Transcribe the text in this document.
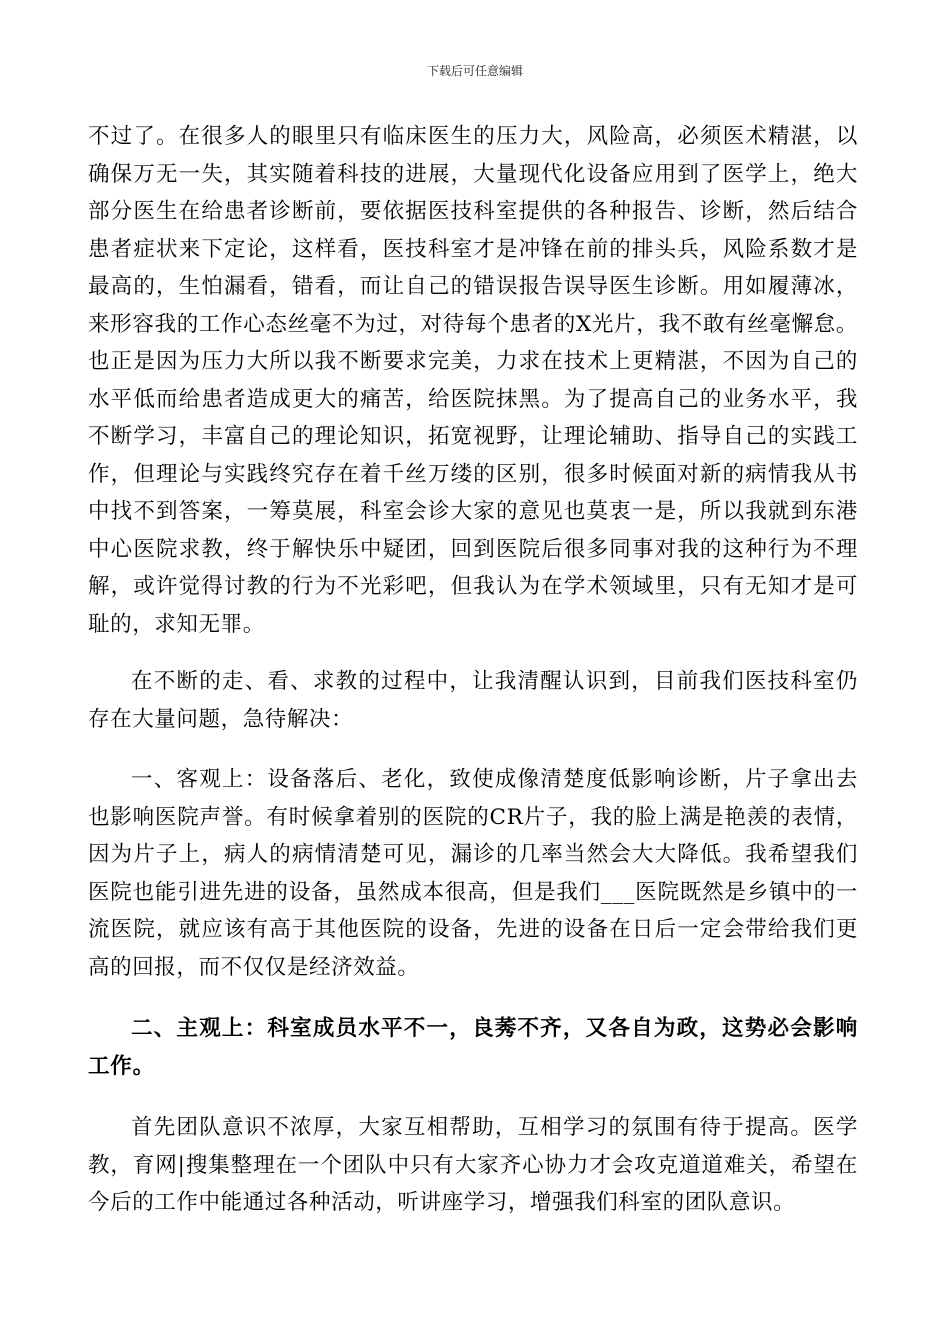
下载后可任意编辑

不过了。在很多人的眼里只有临床医生的压力大，风险高，必须医术精湛，以确保万无一失，其实随着科技的进展，大量现代化设备应用到了医学上，绝大部分医生在给患者诊断前，要依据医技科室提供的各种报告、诊断，然后结合患者症状来下定论，这样看，医技科室才是冲锋在前的排头兵，风险系数才是最高的，生怕漏看，错看，而让自己的错误报告误导医生诊断。用如履薄冰，来形容我的工作心态丝毫不为过，对待每个患者的X光片，我不敢有丝毫懈怠。也正是因为压力大所以我不断要求完美，力求在技术上更精湛，不因为自己的水平低而给患者造成更大的痛苦，给医院抹黑。为了提高自己的业务水平，我不断学习，丰富自己的理论知识，拓宽视野，让理论辅助、指导自己的实践工作，但理论与实践终究存在着千丝万缕的区别，很多时候面对新的病情我从书中找不到答案，一筹莫展，科室会诊大家的意见也莫衷一是，所以我就到东港中心医院求教，终于解快乐中疑团，回到医院后很多同事对我的这种行为不理解，或许觉得讨教的行为不光彩吧，但我认为在学术领域里，只有无知才是可耻的，求知无罪。

在不断的走、看、求教的过程中，让我清醒认识到，目前我们医技科室仍存在大量问题，急待解决：

一、客观上：设备落后、老化，致使成像清楚度低影响诊断，片子拿出去也影响医院声誉。有时候拿着别的医院的CR片子，我的脸上满是艳羡的表情，因为片子上，病人的病情清楚可见，漏诊的几率当然会大大降低。我希望我们医院也能引进先进的设备，虽然成本很高，但是我们___医院既然是乡镇中的一流医院，就应该有高于其他医院的设备，先进的设备在日后一定会带给我们更高的回报，而不仅仅是经济效益。

二、主观上：科室成员水平不一，良莠不齐，又各自为政，这势必会影响工作。

首先团队意识不浓厚，大家互相帮助，互相学习的氛围有待于提高。医学教，育网|搜集整理在一个团队中只有大家齐心协力才会攻克道道难关，希望在今后的工作中能通过各种活动，听讲座学习，增强我们科室的团队意识。
